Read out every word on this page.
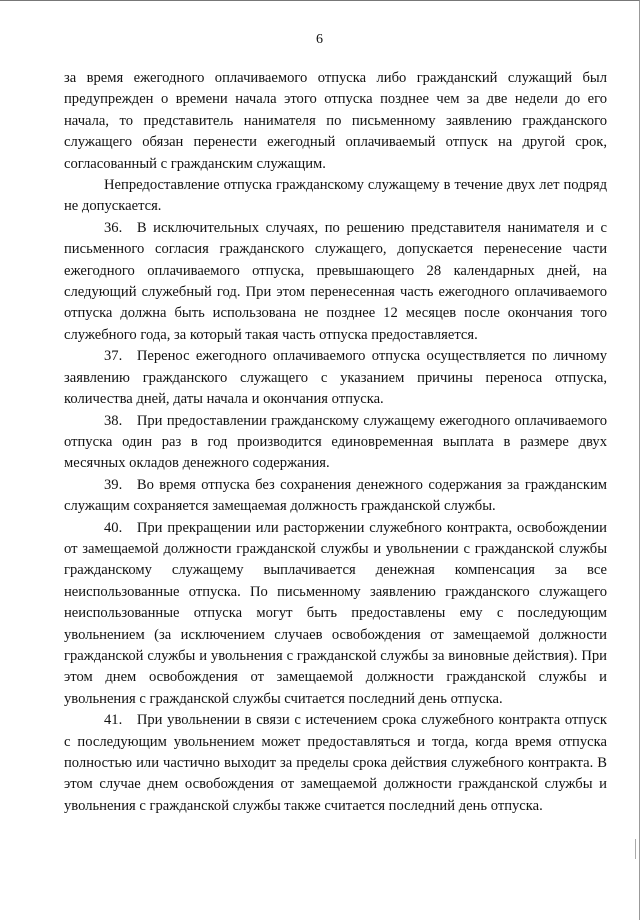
6

за время ежегодного оплачиваемого отпуска либо гражданский служащий был предупрежден о времени начала этого отпуска позднее чем за две недели до его начала, то представитель нанимателя по письменному заявлению гражданского служащего обязан перенести ежегодный оплачиваемый отпуск на другой срок, согласованный с гражданским служащим.

Непредоставление отпуска гражданскому служащему в течение двух лет подряд не допускается.

36. В исключительных случаях, по решению представителя нанимателя и с письменного согласия гражданского служащего, допускается перенесение части ежегодного оплачиваемого отпуска, превышающего 28 календарных дней, на следующий служебный год. При этом перенесенная часть ежегодного оплачиваемого отпуска должна быть использована не позднее 12 месяцев после окончания того служебного года, за который такая часть отпуска предоставляется.

37. Перенос ежегодного оплачиваемого отпуска осуществляется по личному заявлению гражданского служащего с указанием причины переноса отпуска, количества дней, даты начала и окончания отпуска.

38. При предоставлении гражданскому служащему ежегодного оплачиваемого отпуска один раз в год производится единовременная выплата в размере двух месячных окладов денежного содержания.

39. Во время отпуска без сохранения денежного содержания за гражданским служащим сохраняется замещаемая должность гражданской службы.

40. При прекращении или расторжении служебного контракта, освобождении от замещаемой должности гражданской службы и увольнении с гражданской службы гражданскому служащему выплачивается денежная компенсация за все неиспользованные отпуска. По письменному заявлению гражданского служащего неиспользованные отпуска могут быть предоставлены ему с последующим увольнением (за исключением случаев освобождения от замещаемой должности гражданской службы и увольнения с гражданской службы за виновные действия). При этом днем освобождения от замещаемой должности гражданской службы и увольнения с гражданской службы считается последний день отпуска.

41. При увольнении в связи с истечением срока служебного контракта отпуск с последующим увольнением может предоставляться и тогда, когда время отпуска полностью или частично выходит за пределы срока действия служебного контракта. В этом случае днем освобождения от замещаемой должности гражданской службы и увольнения с гражданской службы также считается последний день отпуска.
